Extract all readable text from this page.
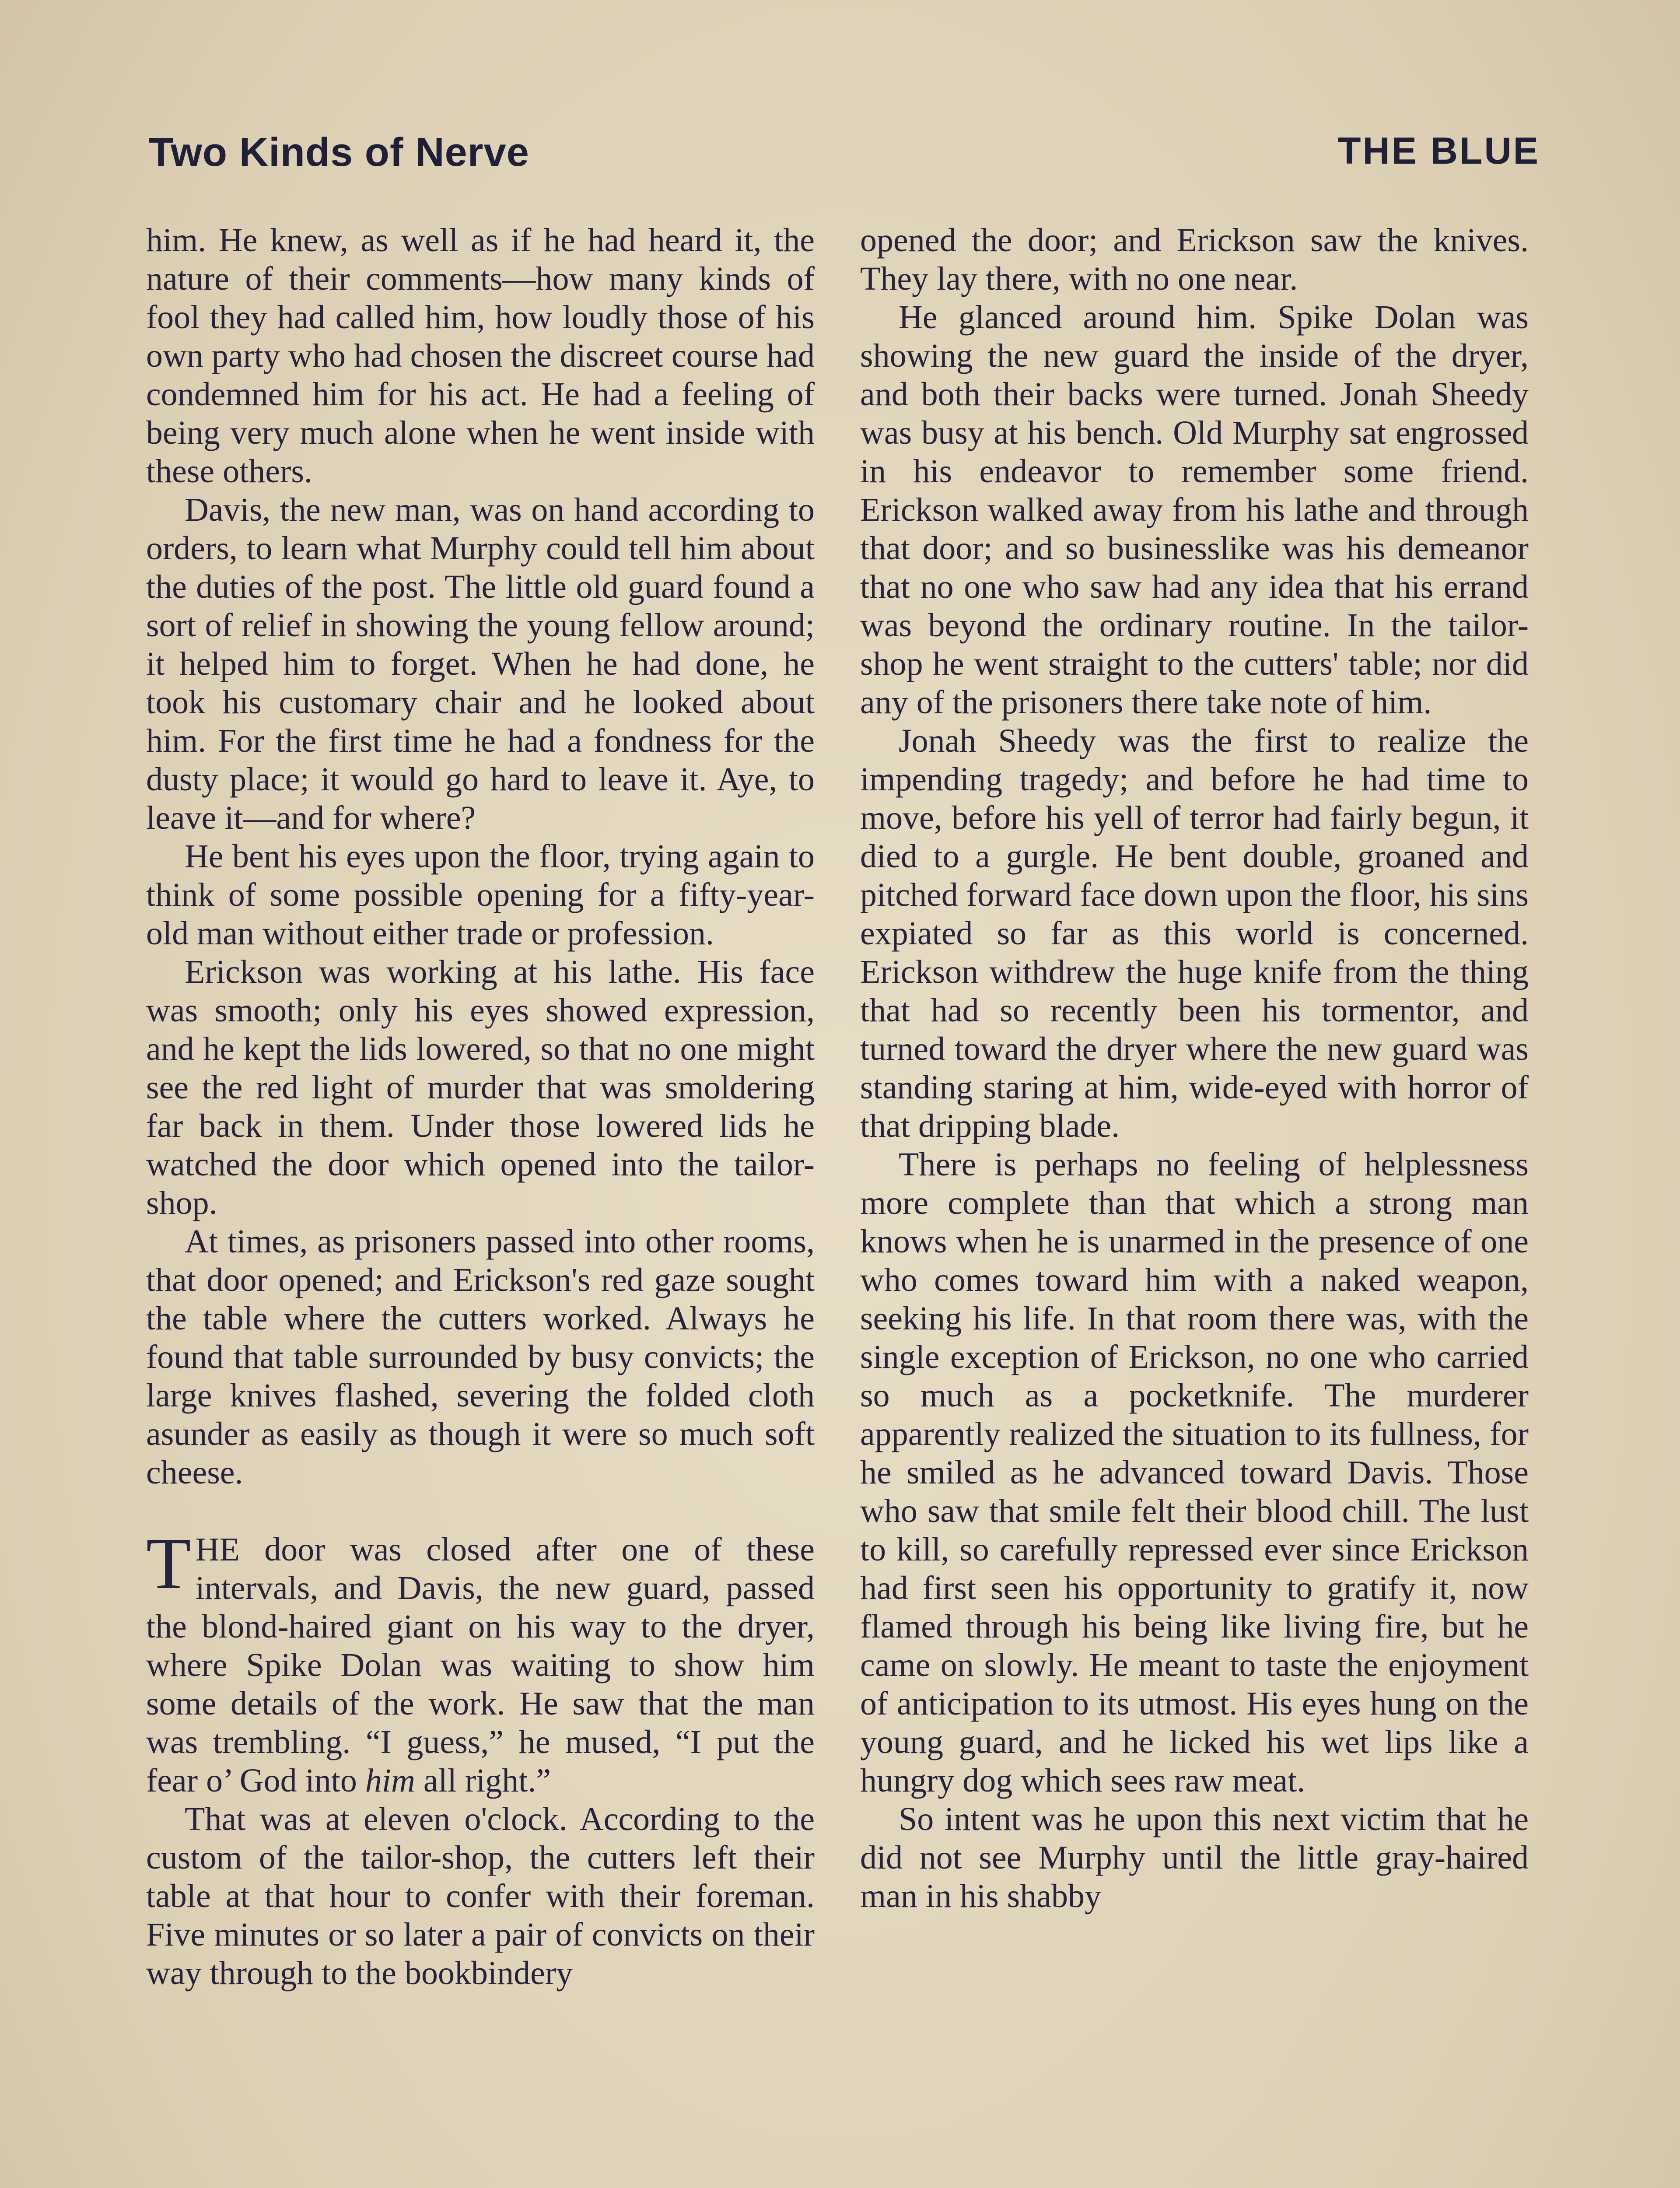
Two Kinds of Nerve	THE BLUE

him. He knew, as well as if he had heard it, the nature of their comments—how many kinds of fool they had called him, how loudly those of his own party who had chosen the discreet course had condemned him for his act. He had a feeling of being very much alone when he went inside with these others.

Davis, the new man, was on hand according to orders, to learn what Murphy could tell him about the duties of the post. The little old guard found a sort of relief in showing the young fellow around; it helped him to forget. When he had done, he took his customary chair and he looked about him. For the first time he had a fondness for the dusty place; it would go hard to leave it. Aye, to leave it—and for where?

He bent his eyes upon the floor, trying again to think of some possible opening for a fifty-year-old man without either trade or profession.

Erickson was working at his lathe. His face was smooth; only his eyes showed expression, and he kept the lids lowered, so that no one might see the red light of murder that was smoldering far back in them. Under those lowered lids he watched the door which opened into the tailor-shop.

At times, as prisoners passed into other rooms, that door opened; and Erickson's red gaze sought the table where the cutters worked. Always he found that table surrounded by busy convicts; the large knives flashed, severing the folded cloth asunder as easily as though it were so much soft cheese.

THE door was closed after one of these intervals, and Davis, the new guard, passed the blond-haired giant on his way to the dryer, where Spike Dolan was waiting to show him some details of the work. He saw that the man was trembling. “I guess,” he mused, “I put the fear o’ God into him all right.”

That was at eleven o'clock. According to the custom of the tailor-shop, the cutters left their table at that hour to confer with their foreman. Five minutes or so later a pair of convicts on their way through to the bookbindery

opened the door; and Erickson saw the knives. They lay there, with no one near.

He glanced around him. Spike Dolan was showing the new guard the inside of the dryer, and both their backs were turned. Jonah Sheedy was busy at his bench. Old Murphy sat engrossed in his endeavor to remember some friend. Erickson walked away from his lathe and through that door; and so businesslike was his demeanor that no one who saw had any idea that his errand was beyond the ordinary routine. In the tailor-shop he went straight to the cutters' table; nor did any of the prisoners there take note of him.

Jonah Sheedy was the first to realize the impending tragedy; and before he had time to move, before his yell of terror had fairly begun, it died to a gurgle. He bent double, groaned and pitched forward face down upon the floor, his sins expiated so far as this world is concerned. Erickson withdrew the huge knife from the thing that had so recently been his tormentor, and turned toward the dryer where the new guard was standing staring at him, wide-eyed with horror of that dripping blade.

There is perhaps no feeling of helplessness more complete than that which a strong man knows when he is unarmed in the presence of one who comes toward him with a naked weapon, seeking his life. In that room there was, with the single exception of Erickson, no one who carried so much as a pocketknife. The murderer apparently realized the situation to its fullness, for he smiled as he advanced toward Davis. Those who saw that smile felt their blood chill. The lust to kill, so carefully repressed ever since Erickson had first seen his opportunity to gratify it, now flamed through his being like living fire, but he came on slowly. He meant to taste the enjoyment of anticipation to its utmost. His eyes hung on the young guard, and he licked his wet lips like a hungry dog which sees raw meat.

So intent was he upon this next victim that he did not see Murphy until the little gray-haired man in his shabby
